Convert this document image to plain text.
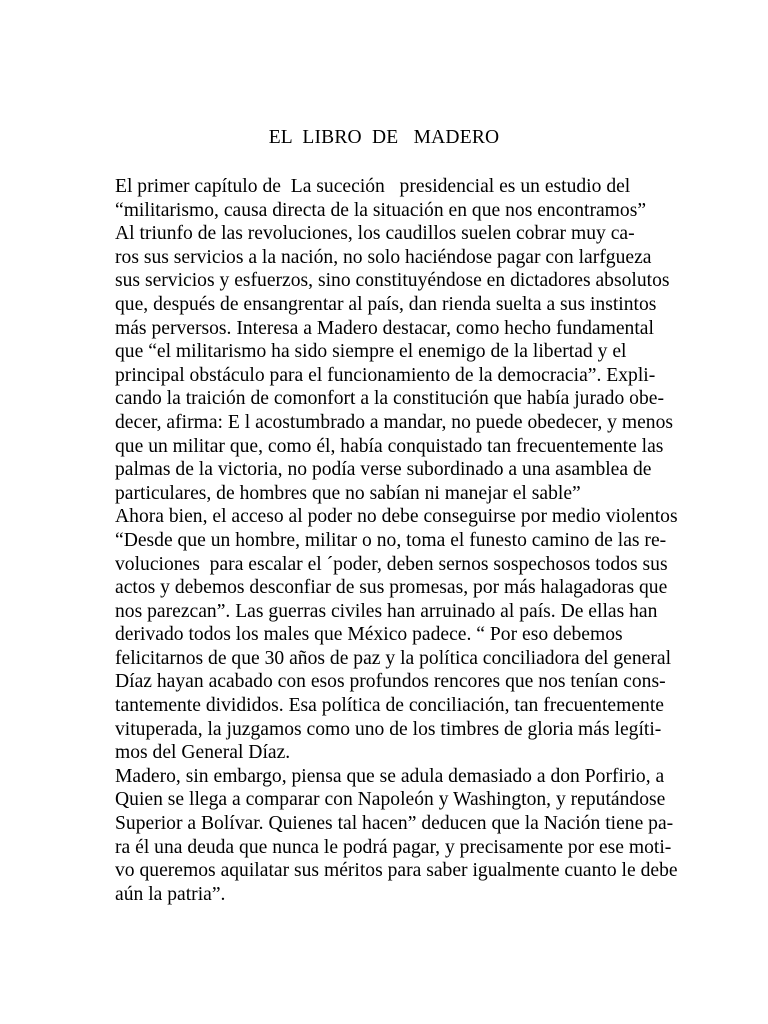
EL  LIBRO  DE   MADERO
El primer capítulo de  La suceción   presidencial es un estudio del
“militarismo, causa directa de la situación en que nos encontramos”
Al triunfo de las revoluciones, los caudillos suelen cobrar muy ca-
ros sus servicios a la nación, no solo haciéndose pagar con larfgueza
sus servicios y esfuerzos, sino constituyéndose en dictadores absolutos
que, después de ensangrentar al país, dan rienda suelta a sus instintos
más perversos. Interesa a Madero destacar, como hecho fundamental
que “el militarismo ha sido siempre el enemigo de la libertad y el
principal obstáculo para el funcionamiento de la democracia”. Expli-
cando la traición de comonfort a la constitución que había jurado obe-
decer, afirma: E l acostumbrado a mandar, no puede obedecer, y menos
que un militar que, como él, había conquistado tan frecuentemente las
palmas de la victoria, no podía verse subordinado a una asamblea de
particulares, de hombres que no sabían ni manejar el sable”
Ahora bien, el acceso al poder no debe conseguirse por medio violentos
“Desde que un hombre, militar o no, toma el funesto camino de las re-
voluciones  para escalar el ´poder, deben sernos sospechosos todos sus
actos y debemos desconfiar de sus promesas, por más halagadoras que
nos parezcan”. Las guerras civiles han arruinado al país. De ellas han
derivado todos los males que México padece. “ Por eso debemos
felicitarnos de que 30 años de paz y la política conciliadora del general
Díaz hayan acabado con esos profundos rencores que nos tenían cons-
tantemente divididos. Esa política de conciliación, tan frecuentemente
vituperada, la juzgamos como uno de los timbres de gloria más legíti-
mos del General Díaz.
Madero, sin embargo, piensa que se adula demasiado a don Porfirio, a
Quien se llega a comparar con Napoleón y Washington, y reputándose
Superior a Bolívar. Quienes tal hacen” deducen que la Nación tiene pa-
ra él una deuda que nunca le podrá pagar, y precisamente por ese moti-
vo queremos aquilatar sus méritos para saber igualmente cuanto le debe
aún la patria”.
